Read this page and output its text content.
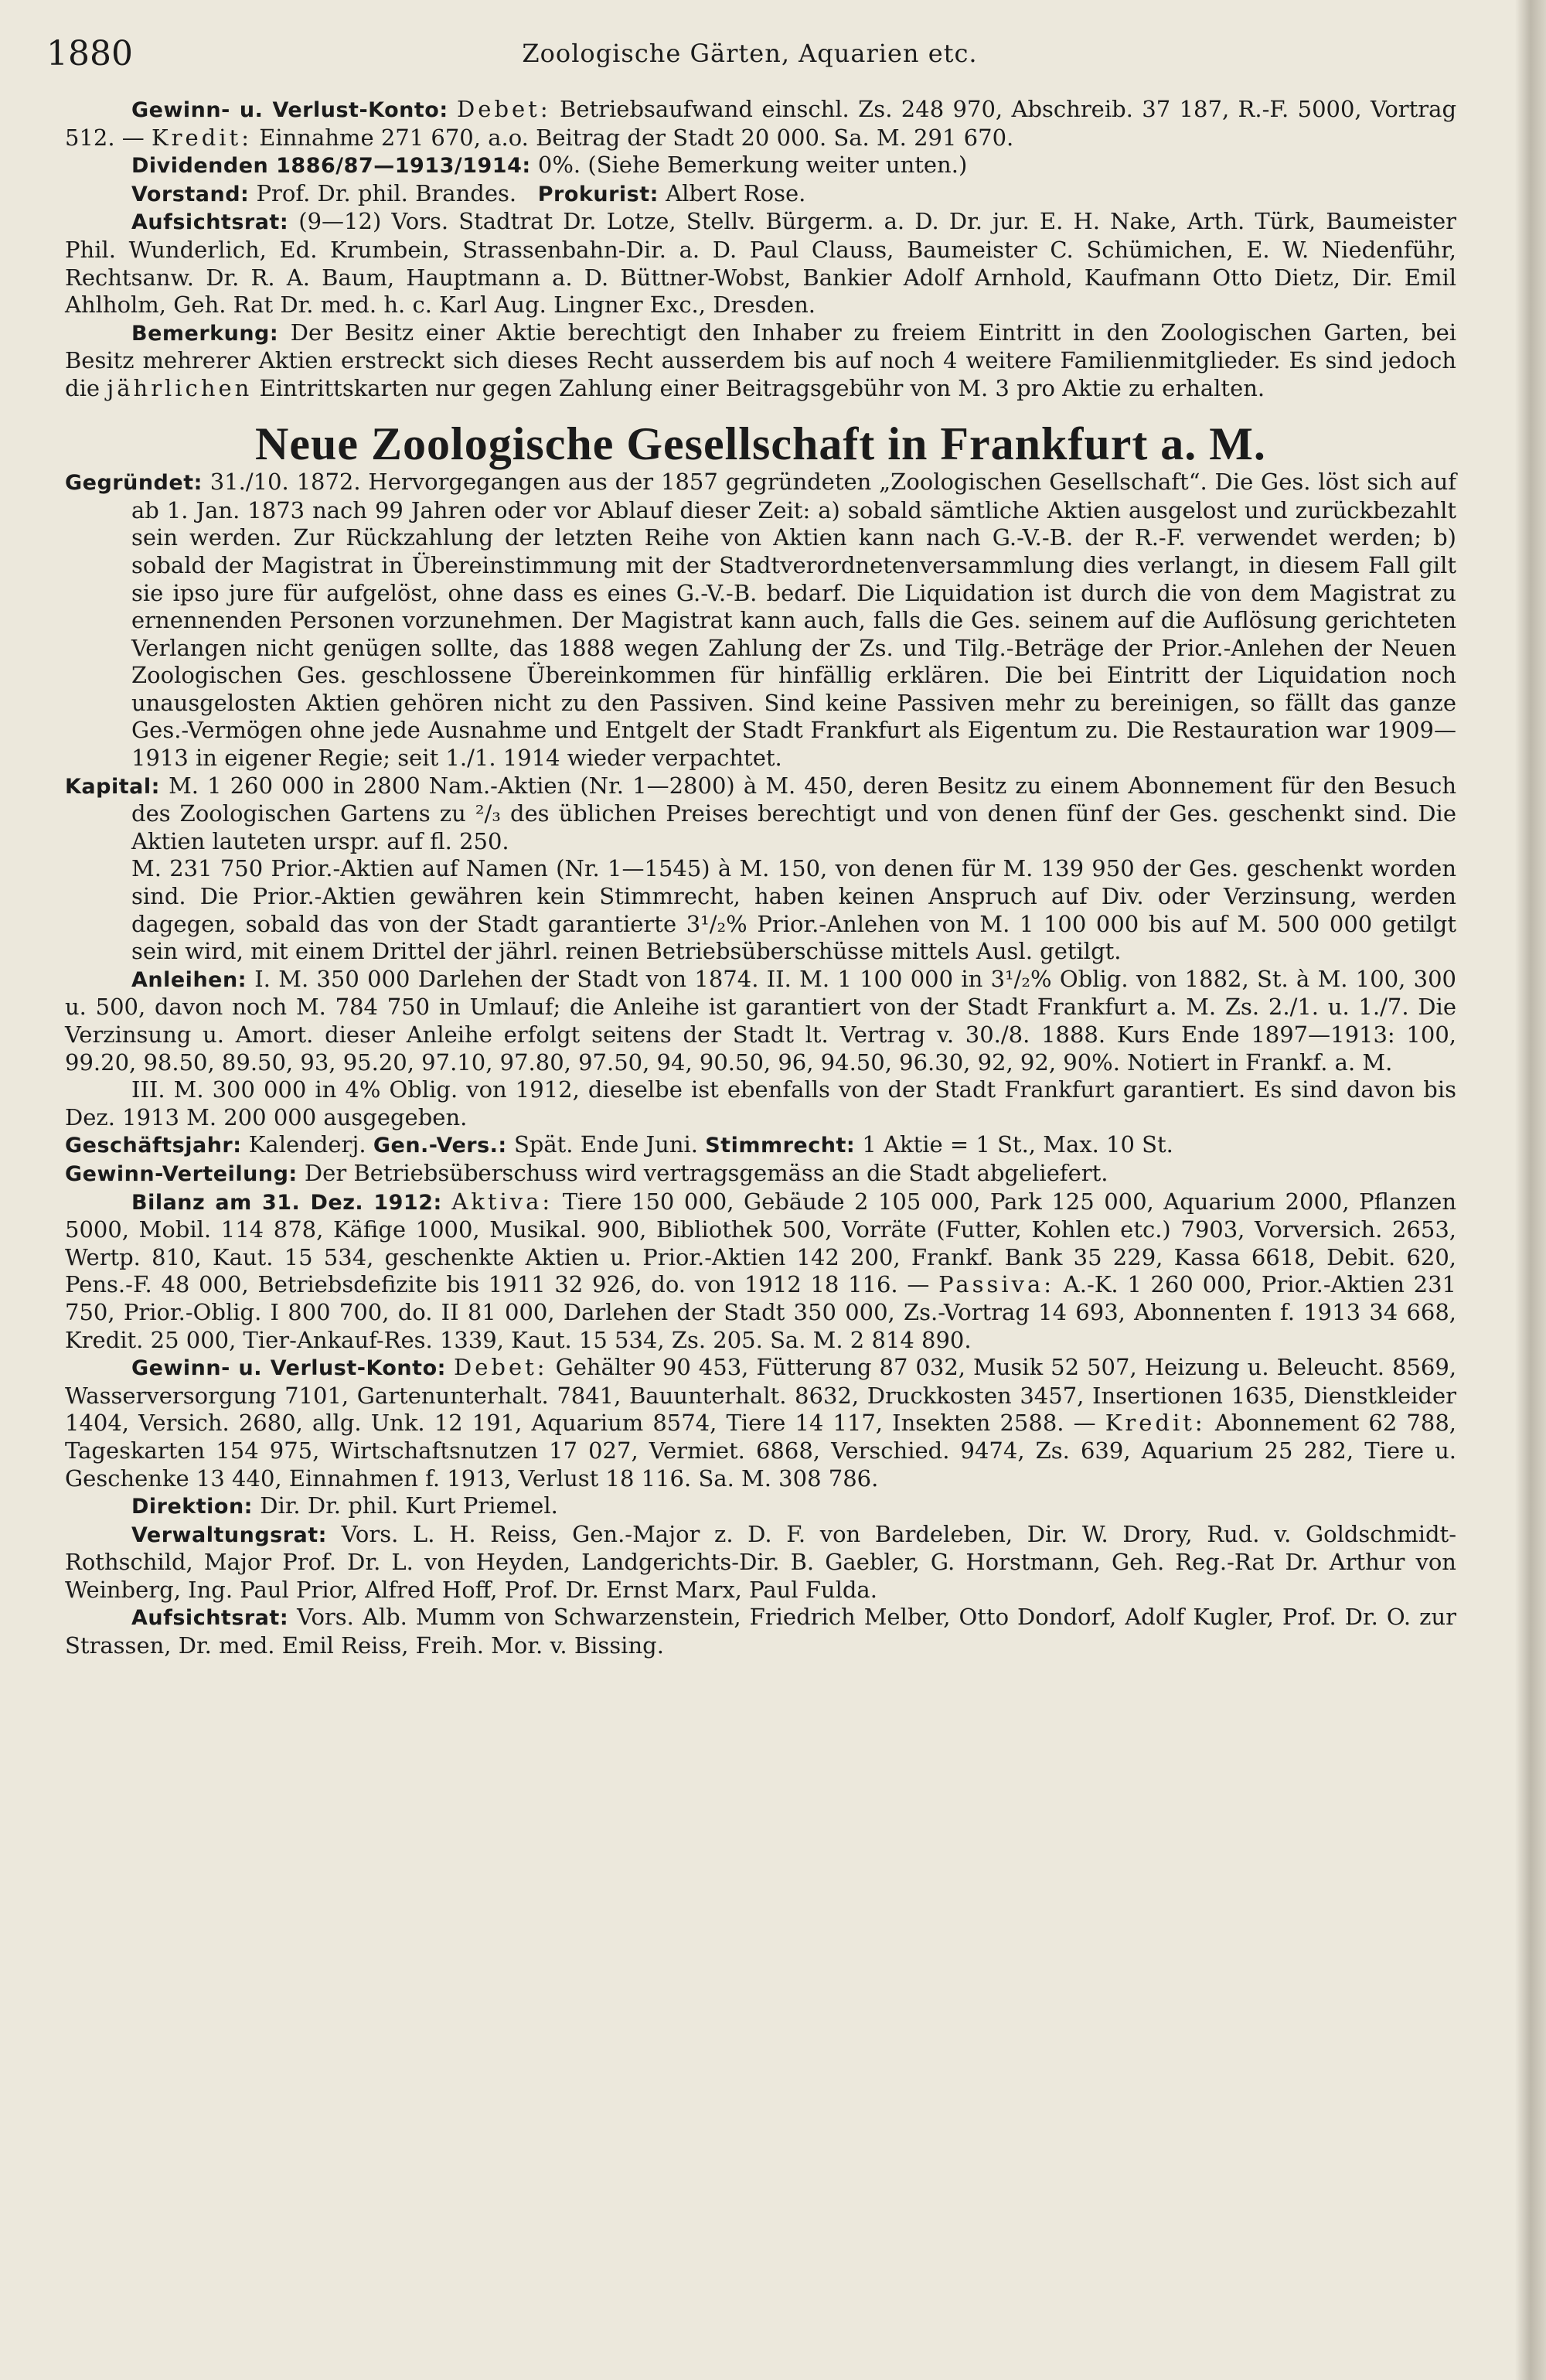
1880	Zoologische Gärten, Aquarien etc.

Gewinn- u. Verlust-Konto: Debet: Betriebsaufwand einschl. Zs. 248 970, Abschreib. 37 187, R.-F. 5000, Vortrag 512. — Kredit: Einnahme 271 670, a.o. Beitrag der Stadt 20 000. Sa. M. 291 670.

Dividenden 1886/87—1913/1914: 0%. (Siehe Bemerkung weiter unten.)

Vorstand: Prof. Dr. phil. Brandes. Prokurist: Albert Rose.

Aufsichtsrat: (9—12) Vors. Stadtrat Dr. Lotze, Stellv. Bürgerm. a. D. Dr. jur. E. H. Nake, Arth. Türk, Baumeister Phil. Wunderlich, Ed. Krumbein, Strassenbahn-Dir. a. D. Paul Clauss, Baumeister C. Schümichen, E. W. Niedenführ, Rechtsanw. Dr. R. A. Baum, Hauptmann a. D. Büttner-Wobst, Bankier Adolf Arnhold, Kaufmann Otto Dietz, Dir. Emil Ahlholm, Geh. Rat Dr. med. h. c. Karl Aug. Lingner Exc., Dresden.

Bemerkung: Der Besitz einer Aktie berechtigt den Inhaber zu freiem Eintritt in den Zoologischen Garten, bei Besitz mehrerer Aktien erstreckt sich dieses Recht ausserdem bis auf noch 4 weitere Familienmitglieder. Es sind jedoch die jährlichen Eintrittskarten nur gegen Zahlung einer Beitragsgebühr von M. 3 pro Aktie zu erhalten.

Neue Zoologische Gesellschaft in Frankfurt a. M.

Gegründet: 31./10. 1872. Hervorgegangen aus der 1857 gegründeten „Zoologischen Gesellschaft“. Die Ges. löst sich auf ab 1. Jan. 1873 nach 99 Jahren oder vor Ablauf dieser Zeit: a) sobald sämtliche Aktien ausgelost und zurückbezahlt sein werden. Zur Rückzahlung der letzten Reihe von Aktien kann nach G.-V.-B. der R.-F. verwendet werden; b) sobald der Magistrat in Übereinstimmung mit der Stadtverordnetenversammlung dies verlangt, in diesem Fall gilt sie ipso jure für aufgelöst, ohne dass es eines G.-V.-B. bedarf. Die Liquidation ist durch die von dem Magistrat zu ernennenden Personen vorzunehmen. Der Magistrat kann auch, falls die Ges. seinem auf die Auflösung gerichteten Verlangen nicht genügen sollte, das 1888 wegen Zahlung der Zs. und Tilg.-Beträge der Prior.-Anlehen der Neuen Zoologischen Ges. geschlossene Übereinkommen für hinfällig erklären. Die bei Eintritt der Liquidation noch unausgelosten Aktien gehören nicht zu den Passiven. Sind keine Passiven mehr zu bereinigen, so fällt das ganze Ges.-Vermögen ohne jede Ausnahme und Entgelt der Stadt Frankfurt als Eigentum zu. Die Restauration war 1909—1913 in eigener Regie; seit 1./1. 1914 wieder verpachtet.

Kapital: M. 1 260 000 in 2800 Nam.-Aktien (Nr. 1—2800) à M. 450, deren Besitz zu einem Abonnement für den Besuch des Zoologischen Gartens zu ²/₃ des üblichen Preises berechtigt und von denen fünf der Ges. geschenkt sind. Die Aktien lauteten urspr. auf fl. 250.

M. 231 750 Prior.-Aktien auf Namen (Nr. 1—1545) à M. 150, von denen für M. 139 950 der Ges. geschenkt worden sind. Die Prior.-Aktien gewähren kein Stimmrecht, haben keinen Anspruch auf Div. oder Verzinsung, werden dagegen, sobald das von der Stadt garantierte 3¹/₂% Prior.-Anlehen von M. 1 100 000 bis auf M. 500 000 getilgt sein wird, mit einem Drittel der jährl. reinen Betriebsüberschüsse mittels Ausl. getilgt.

Anleihen: I. M. 350 000 Darlehen der Stadt von 1874. II. M. 1 100 000 in 3¹/₂% Oblig. von 1882, St. à M. 100, 300 u. 500, davon noch M. 784 750 in Umlauf; die Anleihe ist garantiert von der Stadt Frankfurt a. M. Zs. 2./1. u. 1./7. Die Verzinsung u. Amort. dieser Anleihe erfolgt seitens der Stadt lt. Vertrag v. 30./8. 1888. Kurs Ende 1897—1913: 100, 99.20, 98.50, 89.50, 93, 95.20, 97.10, 97.80, 97.50, 94, 90.50, 96, 94.50, 96.30, 92, 92, 90%. Notiert in Frankf. a. M.

III. M. 300 000 in 4% Oblig. von 1912, dieselbe ist ebenfalls von der Stadt Frankfurt garantiert. Es sind davon bis Dez. 1913 M. 200 000 ausgegeben.

Geschäftsjahr: Kalenderj. Gen.-Vers.: Spät. Ende Juni. Stimmrecht: 1 Aktie = 1 St., Max. 10 St.

Gewinn-Verteilung: Der Betriebsüberschuss wird vertragsgemäss an die Stadt abgeliefert.

Bilanz am 31. Dez. 1912: Aktiva: Tiere 150 000, Gebäude 2 105 000, Park 125 000, Aquarium 2000, Pflanzen 5000, Mobil. 114 878, Käfige 1000, Musikal. 900, Bibliothek 500, Vorräte (Futter, Kohlen etc.) 7903, Vorversich. 2653, Wertp. 810, Kaut. 15 534, geschenkte Aktien u. Prior.-Aktien 142 200, Frankf. Bank 35 229, Kassa 6618, Debit. 620, Pens.-F. 48 000, Betriebsdefizite bis 1911 32 926, do. von 1912 18 116. — Passiva: A.-K. 1 260 000, Prior.-Aktien 231 750, Prior.-Oblig. I 800 700, do. II 81 000, Darlehen der Stadt 350 000, Zs.-Vortrag 14 693, Abonnenten f. 1913 34 668, Kredit. 25 000, Tier-Ankauf-Res. 1339, Kaut. 15 534, Zs. 205. Sa. M. 2 814 890.

Gewinn- u. Verlust-Konto: Debet: Gehälter 90 453, Fütterung 87 032, Musik 52 507, Heizung u. Beleucht. 8569, Wasserversorgung 7101, Gartenunterhalt. 7841, Bauunterhalt. 8632, Druckkosten 3457, Insertionen 1635, Dienstkleider 1404, Versich. 2680, allg. Unk. 12 191, Aquarium 8574, Tiere 14 117, Insekten 2588. — Kredit: Abonnement 62 788, Tageskarten 154 975, Wirtschaftsnutzen 17 027, Vermiet. 6868, Verschied. 9474, Zs. 639, Aquarium 25 282, Tiere u. Geschenke 13 440, Einnahmen f. 1913, Verlust 18 116. Sa. M. 308 786.

Direktion: Dir. Dr. phil. Kurt Priemel.

Verwaltungsrat: Vors. L. H. Reiss, Gen.-Major z. D. F. von Bardeleben, Dir. W. Drory, Rud. v. Goldschmidt-Rothschild, Major Prof. Dr. L. von Heyden, Landgerichts-Dir. B. Gaebler, G. Horstmann, Geh. Reg.-Rat Dr. Arthur von Weinberg, Ing. Paul Prior, Alfred Hoff, Prof. Dr. Ernst Marx, Paul Fulda.

Aufsichtsrat: Vors. Alb. Mumm von Schwarzenstein, Friedrich Melber, Otto Dondorf, Adolf Kugler, Prof. Dr. O. zur Strassen, Dr. med. Emil Reiss, Freih. Mor. v. Bissing.
